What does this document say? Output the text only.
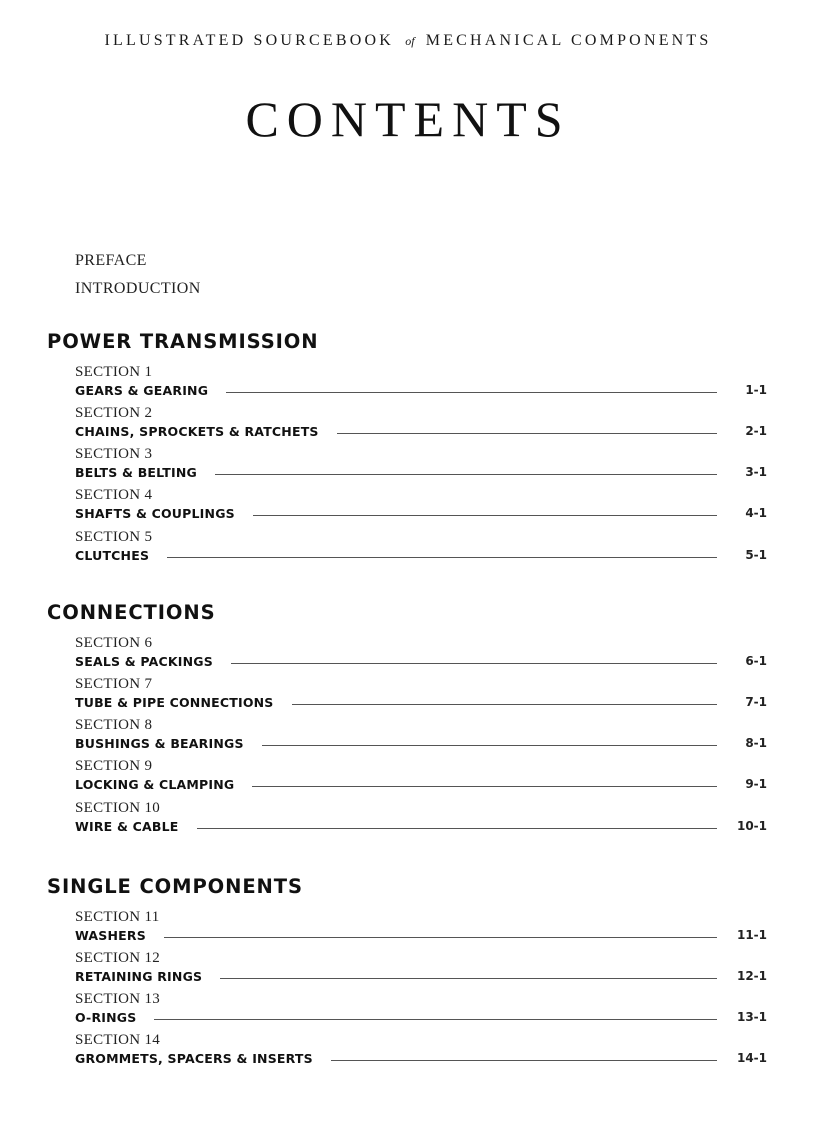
ILLUSTRATED SOURCEBOOK of MECHANICAL COMPONENTS
CONTENTS
PREFACE
INTRODUCTION
POWER TRANSMISSION
SECTION 1
GEARS & GEARING	1-1
SECTION 2
CHAINS, SPROCKETS & RATCHETS	2-1
SECTION 3
BELTS & BELTING	3-1
SECTION 4
SHAFTS & COUPLINGS	4-1
SECTION 5
CLUTCHES	5-1
CONNECTIONS
SECTION 6
SEALS & PACKINGS	6-1
SECTION 7
TUBE & PIPE CONNECTIONS	7-1
SECTION 8
BUSHINGS & BEARINGS	8-1
SECTION 9
LOCKING & CLAMPING	9-1
SECTION 10
WIRE & CABLE	10-1
SINGLE COMPONENTS
SECTION 11
WASHERS	11-1
SECTION 12
RETAINING RINGS	12-1
SECTION 13
O-RINGS	13-1
SECTION 14
GROMMETS, SPACERS & INSERTS	14-1
